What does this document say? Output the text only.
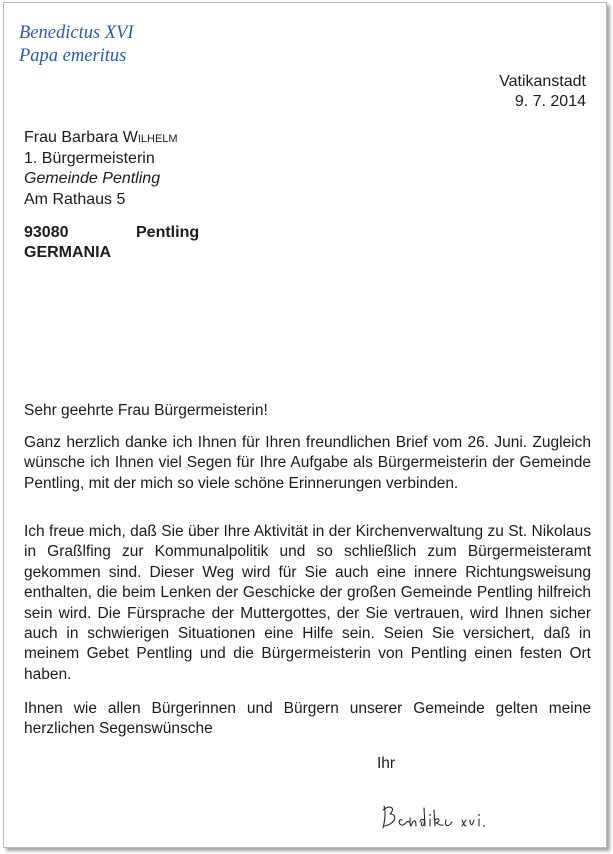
Benedictus XVI
Papa emeritus
Vatikanstadt
9. 7. 2014
Frau Barbara Wilhelm
1. Bürgermeisterin
Gemeinde Pentling
Am Rathaus 5
93080	Pentling
GERMANIA
Sehr geehrte Frau Bürgermeisterin!
Ganz herzlich danke ich Ihnen für Ihren freundlichen Brief vom 26. Juni. Zugleich wünsche ich Ihnen viel Segen für Ihre Aufgabe als Bürgermeisterin der Gemeinde Pentling, mit der mich so viele schöne Erinnerungen verbinden.
Ich freue mich, daß Sie über Ihre Aktivität in der Kirchenverwaltung zu St. Nikolaus in Graßlfing zur Kommunalpolitik und so schließlich zum Bürgermeisteramt gekommen sind. Dieser Weg wird für Sie auch eine innere Richtungsweisung enthalten, die beim Lenken der Geschicke der großen Gemeinde Pentling hilfreich sein wird. Die Fürsprache der Muttergottes, der Sie vertrauen, wird Ihnen sicher auch in schwierigen Situationen eine Hilfe sein. Seien Sie versichert, daß in meinem Gebet Pentling und die Bürgermeisterin von Pentling einen festen Ort haben.
Ihnen wie allen Bürgerinnen und Bürgern unserer Gemeinde gelten meine herzlichen Segenswünsche
Ihr
